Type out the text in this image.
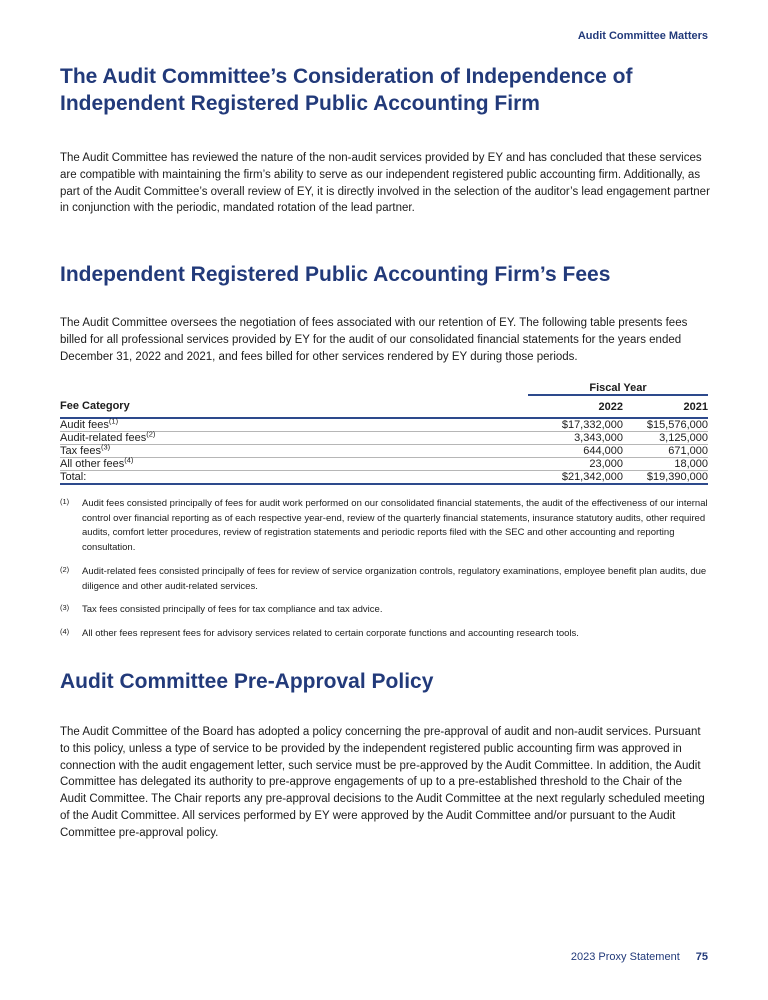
Audit Committee Matters
The Audit Committee’s Consideration of Independence of Independent Registered Public Accounting Firm

The Audit Committee has reviewed the nature of the non-audit services provided by EY and has concluded that these services are compatible with maintaining the firm’s ability to serve as our independent registered public accounting firm. Additionally, as part of the Audit Committee’s overall review of EY, it is directly involved in the selection of the auditor’s lead engagement partner in conjunction with the periodic, mandated rotation of the lead partner.

Independent Registered Public Accounting Firm’s Fees

The Audit Committee oversees the negotiation of fees associated with our retention of EY. The following table presents fees billed for all professional services provided by EY for the audit of our consolidated financial statements for the years ended December 31, 2022 and 2021, and fees billed for other services rendered by EY during those periods.

	Fiscal Year	
Fee Category	2022	2021
Audit fees$^{(1)}$	$17,332,000	$15,576,000
Audit-related fees$^{(2)}$	3,343,000	3,125,000
Tax fees$^{(3)}$	644,000	671,000
All other fees$^{(4)}$	23,000	18,000
Total:	$21,342,000	$19,390,000
(1)	Audit fees consisted principally of fees for audit work performed on our consolidated financial statements, the audit of the effectiveness of our internal control over financial reporting as of each respective year-end, review of the quarterly financial statements, insurance statutory audits, other required audits, comfort letter procedures, review of registration statements and periodic reports filed with the SEC and other accounting and reporting consultation.
(2)	Audit-related fees consisted principally of fees for review of service organization controls, regulatory examinations, employee benefit plan audits, due diligence and other audit-related services.
(3)	Tax fees consisted principally of fees for tax compliance and tax advice.
(4)	All other fees represent fees for advisory services related to certain corporate functions and accounting research tools.
Audit Committee Pre-Approval Policy

The Audit Committee of the Board has adopted a policy concerning the pre-approval of audit and non-audit services. Pursuant to this policy, unless a type of service to be provided by the independent registered public accounting firm was approved in connection with the audit engagement letter, such service must be pre-approved by the Audit Committee. In addition, the Audit Committee has delegated its authority to pre-approve engagements of up to a pre-established threshold to the Chair of the Audit Committee. The Chair reports any pre-approval decisions to the Audit Committee at the next regularly scheduled meeting of the Audit Committee. All services performed by EY were approved by the Audit Committee and/or pursuant to the Audit Committee pre-approval policy.

2023 Proxy Statement 75
